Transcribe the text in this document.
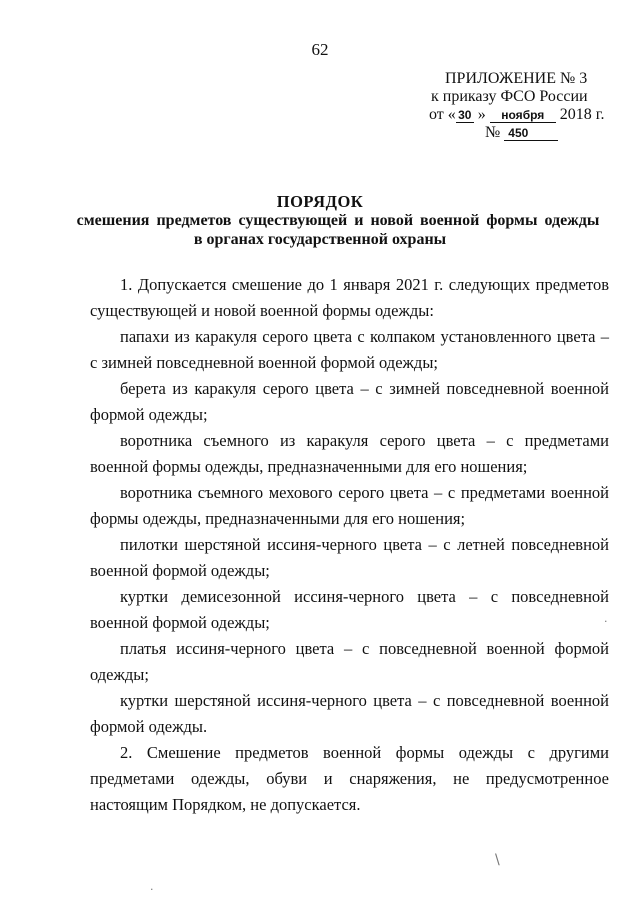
62
ПРИЛОЖЕНИЕ № 3
к приказу ФСО России
от « 30 » ноября 2018 г.
№ 450
ПОРЯДОК
смешения предметов существующей и новой военной формы одежды
в органах государственной охраны

1. Допускается смешение до 1 января 2021 г. следующих предметов существующей и новой военной формы одежды:

папахи из каракуля серого цвета с колпаком установленного цвета – с зимней повседневной военной формой одежды;

берета из каракуля серого цвета – с зимней повседневной военной формой одежды;

воротника съемного из каракуля серого цвета – с предметами военной формы одежды, предназначенными для его ношения;

воротника съемного мехового серого цвета – с предметами военной формы одежды, предназначенными для его ношения;

пилотки шерстяной иссиня-черного цвета – с летней повседневной военной формой одежды;

куртки демисезонной иссиня-черного цвета – с повседневной военной формой одежды;

платья иссиня-черного цвета – с повседневной военной формой одежды;

куртки шерстяной иссиня-черного цвета – с повседневной военной формой одежды.

2. Смешение предметов военной формы одежды с другими предметами одежды, обуви и снаряжения, не предусмотренное настоящим Порядком, не допускается.

·
\
·
